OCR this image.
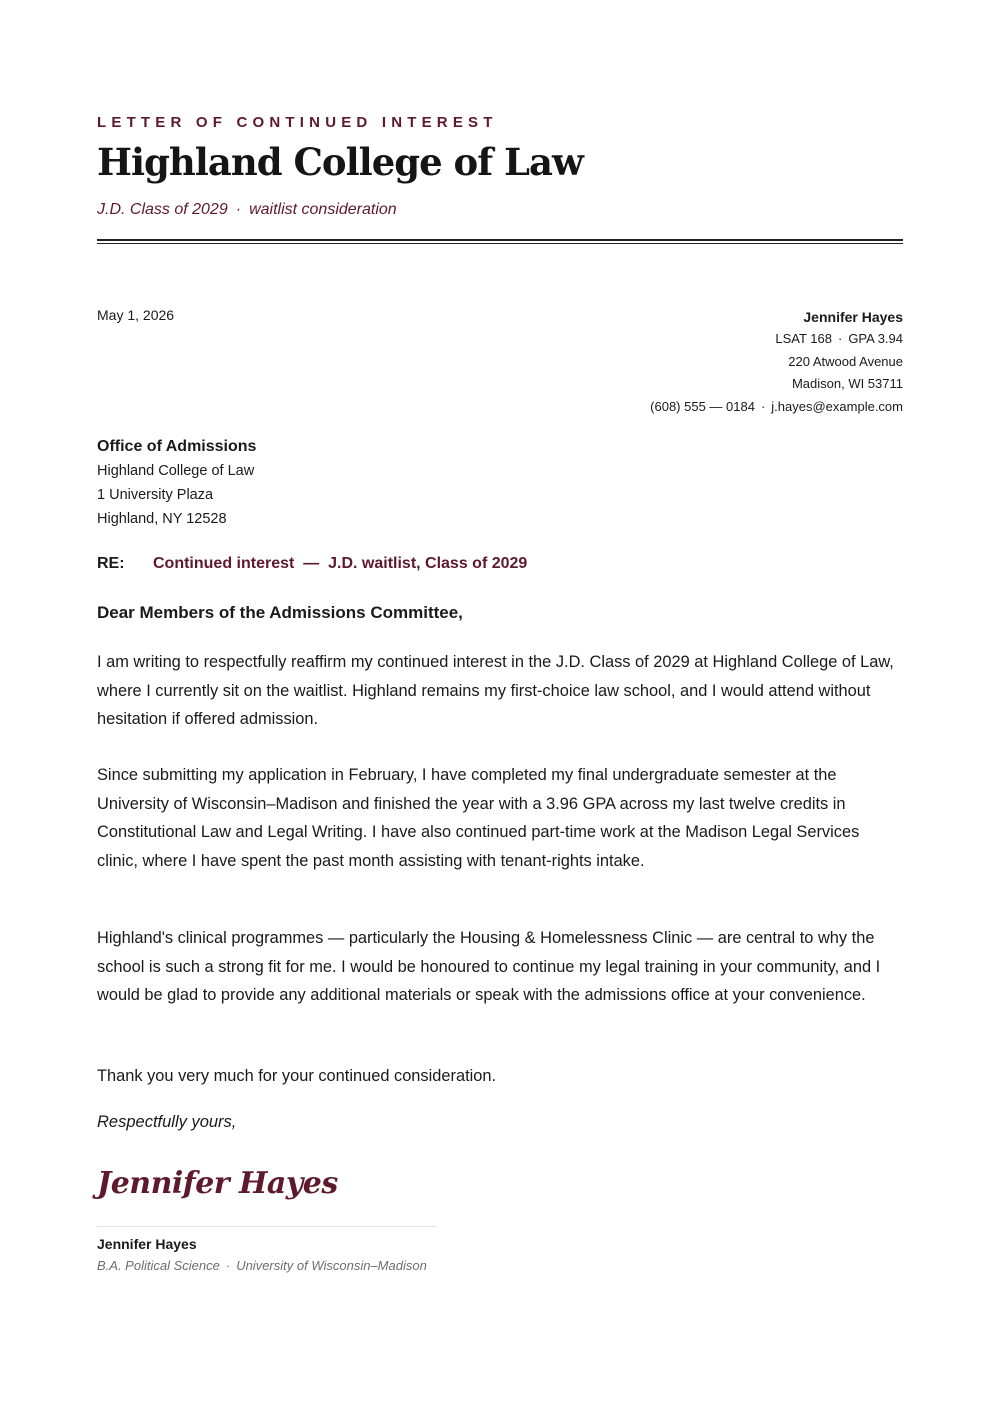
LETTER OF CONTINUED INTEREST
Highland College of Law
J.D. Class of 2029 · waitlist consideration
May 1, 2026	Jennifer Hayes
LSAT 168 · GPA 3.94
220 Atwood Avenue
Madison, WI 53711
(608) 555 — 0184 · j.hayes@example.com
Office of Admissions
Highland College of Law
1 University Plaza
Highland, NY 12528
RE: Continued interest  —  J.D. waitlist, Class of 2029
Dear Members of the Admissions Committee,

I am writing to respectfully reaffirm my continued interest in the J.D. Class of 2029 at Highland College of Law, where I currently sit on the waitlist. Highland remains my first-choice law school, and I would attend without hesitation if offered admission.

Since submitting my application in February, I have completed my final undergraduate semester at the University of Wisconsin–Madison and finished the year with a 3.96 GPA across my last twelve credits in Constitutional Law and Legal Writing. I have also continued part-time work at the Madison Legal Services clinic, where I have spent the past month assisting with tenant-rights intake.

Highland's clinical programmes — particularly the Housing & Homelessness Clinic — are central to why the school is such a strong fit for me. I would be honoured to continue my legal training in your community, and I would be glad to provide any additional materials or speak with the admissions office at your convenience.

Thank you very much for your continued consideration.

Respectfully yours,
Jennifer Hayes
Jennifer Hayes
B.A. Political Science · University of Wisconsin–Madison
